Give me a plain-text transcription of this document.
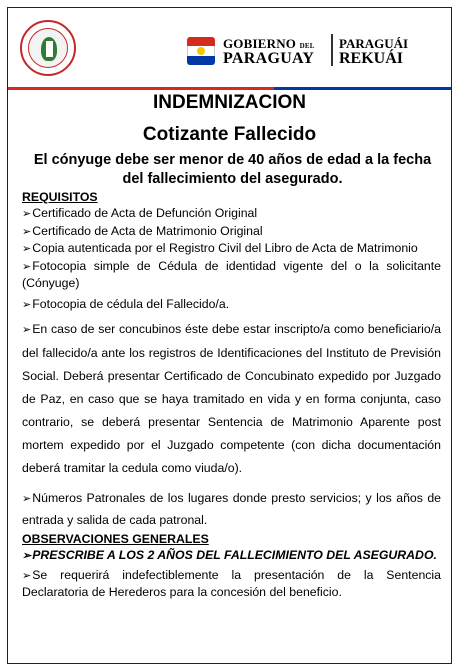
GOBIERNO DEL
PARAGUAY
PARAGUÁI
REKUÁI
INDEMNIZACION
Cotizante Fallecido
El cónyuge debe ser menor de 40 años de edad a la fecha del fallecimiento del asegurado.
REQUISITOS
➢Certificado de Acta de Defunción Original
➢Certificado de Acta de Matrimonio Original
➢Copia autenticada por el Registro Civil del Libro de Acta de Matrimonio
➢Fotocopia simple de Cédula de identidad vigente del o la solicitante (Cónyuge)
➢Fotocopia de cédula del Fallecido/a.
➢En caso de ser concubinos éste debe estar inscripto/a como beneficiario/a del fallecido/a ante los registros de Identificaciones del Instituto de Previsión Social. Deberá presentar Certificado de Concubinato expedido por Juzgado de Paz, en caso que se haya tramitado en vida y en forma conjunta, caso contrario, se deberá presentar Sentencia de Matrimonio Aparente post mortem expedido por el Juzgado competente (con dicha documentación deberá tramitar la cedula como viuda/o).
➢Números Patronales de los lugares donde presto servicios; y los años de entrada y salida de cada patronal.
OBSERVACIONES GENERALES
➢PRESCRIBE A LOS 2 AÑOS DEL FALLECIMIENTO DEL ASEGURADO.
➢Se requerirá indefectiblemente la presentación de la Sentencia Declaratoria de Herederos para la concesión del beneficio.
